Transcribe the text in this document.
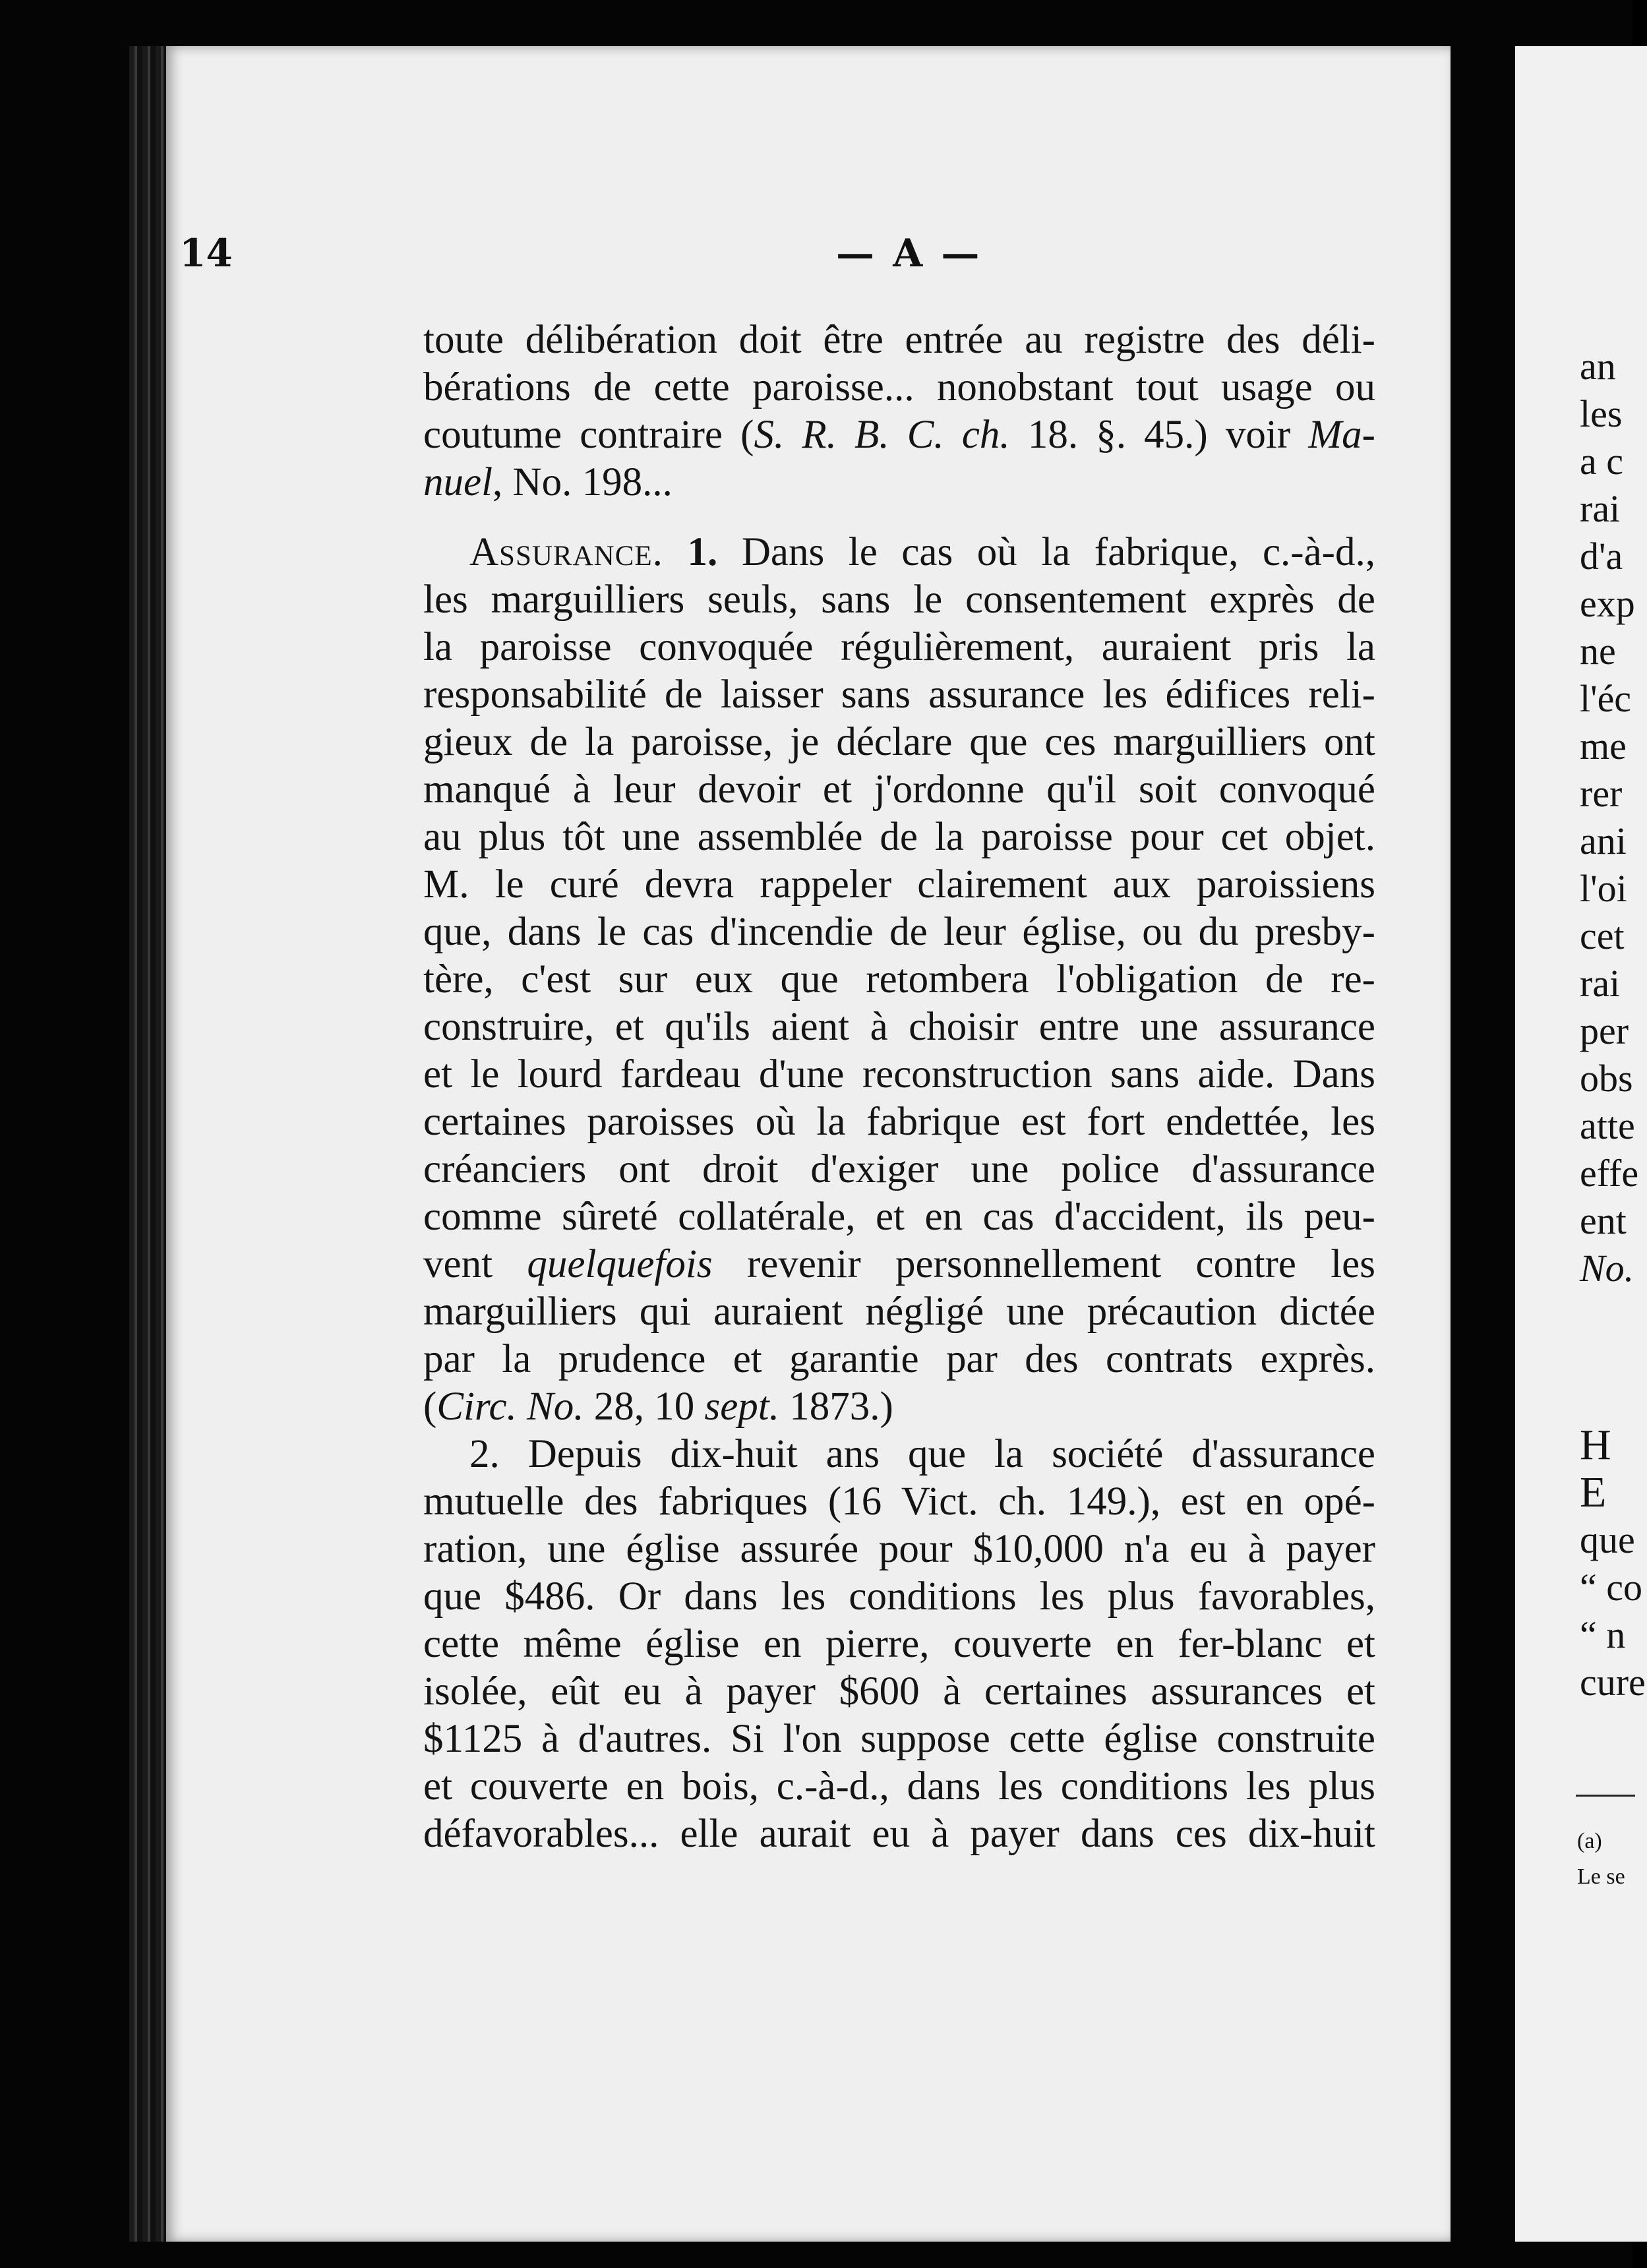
14	— A —
toute délibération doit être entrée au registre des déli-
bérations de cette paroisse... nonobstant tout usage ou
coutume contraire (S. R. B. C. ch. 18. §. 45.) voir Ma-
nuel, No. 198...
Assurance. 1. Dans le cas où la fabrique, c.-à-d.,
les marguilliers seuls, sans le consentement exprès de
la paroisse convoquée régulièrement, auraient pris la
responsabilité de laisser sans assurance les édifices reli-
gieux de la paroisse, je déclare que ces marguilliers ont
manqué à leur devoir et j'ordonne qu'il soit convoqué
au plus tôt une assemblée de la paroisse pour cet objet.
M. le curé devra rappeler clairement aux paroissiens
que, dans le cas d'incendie de leur église, ou du presby-
tère, c'est sur eux que retombera l'obligation de re-
construire, et qu'ils aient à choisir entre une assurance
et le lourd fardeau d'une reconstruction sans aide. Dans
certaines paroisses où la fabrique est fort endettée, les
créanciers ont droit d'exiger une police d'assurance
comme sûreté collatérale, et en cas d'accident, ils peu-
vent quelquefois revenir personnellement contre les
marguilliers qui auraient négligé une précaution dictée
par la prudence et garantie par des contrats exprès.
(Circ. No. 28, 10 sept. 1873.)
2. Depuis dix-huit ans que la société d'assurance
mutuelle des fabriques (16 Vict. ch. 149.), est en opé-
ration, une église assurée pour $10,000 n'a eu à payer
que $486. Or dans les conditions les plus favorables,
cette même église en pierre, couverte en fer-blanc et
isolée, eût eu à payer $600 à certaines assurances et
$1125 à d'autres. Si l'on suppose cette église construite
et couverte en bois, c.-à-d., dans les conditions les plus
défavorables... elle aurait eu à payer dans ces dix-huit
an
les
a c
rai
d'a
exp
ne
l'éc
me
rer
ani
l'oi
cet
rai
per
obs
atte
effe
ent
No.
H
E
que
“ co
“ n
cure
(a)
Le se
